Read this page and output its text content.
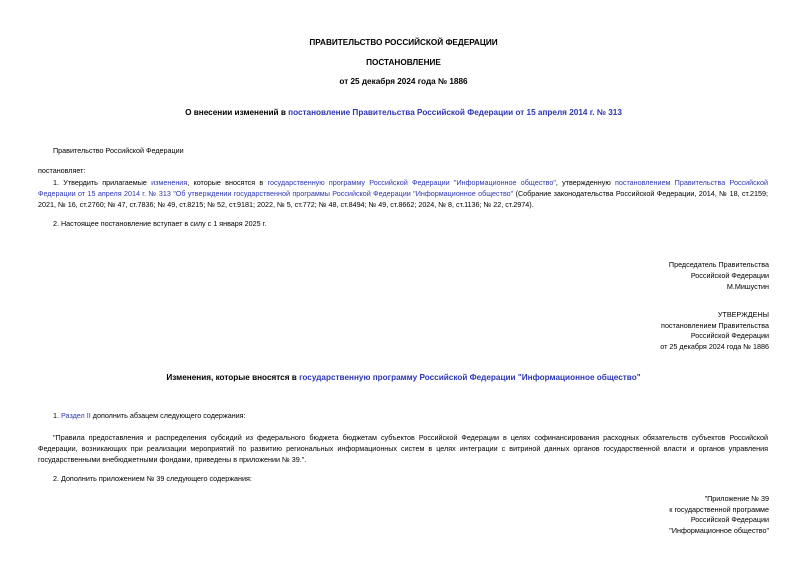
ПРАВИТЕЛЬСТВО РОССИЙСКОЙ ФЕДЕРАЦИИ
ПОСТАНОВЛЕНИЕ
от 25 декабря 2024 года № 1886
О внесении изменений в постановление Правительства Российской Федерации от 15 апреля 2014 г. № 313
Правительство Российской Федерации
постановляет:
1. Утвердить прилагаемые изменения, которые вносятся в государственную программу Российской Федерации "Информационное общество", утвержденную постановлением Правительства Российской Федерации от 15 апреля 2014 г. № 313 "Об утверждении государственной программы Российской Федерации "Информационное общество" (Собрание законодательства Российской Федерации, 2014, № 18, ст.2159; 2021, № 16, ст.2760; № 47, ст.7836; № 49, ст.8215; № 52, ст.9181; 2022, № 5, ст.772; № 48, ст.8494; № 49, ст.8662; 2024, № 8, ст.1136; № 22, ст.2974).
2. Настоящее постановление вступает в силу с 1 января 2025 г.

Председатель Правительства

Российской Федерации

М.Мишустин

УТВЕРЖДЕНЫ

постановлением Правительства

Российской Федерации

от 25 декабря 2024 года № 1886

Изменения, которые вносятся в государственную программу Российской Федерации "Информационное общество"
1. Раздел II дополнить абзацем следующего содержания:
"Правила предоставления и распределения субсидий из федерального бюджета бюджетам субъектов Российской Федерации в целях софинансирования расходных обязательств субъектов Российской Федерации, возникающих при реализации мероприятий по развитию региональных информационных систем в целях интеграции с витриной данных органов государственной власти и органов управления государственными внебюджетными фондами, приведены в приложении № 39.".
2. Дополнить приложением № 39 следующего содержания:

"Приложение № 39

к государственной программе

Российской Федерации

"Информационное общество"
